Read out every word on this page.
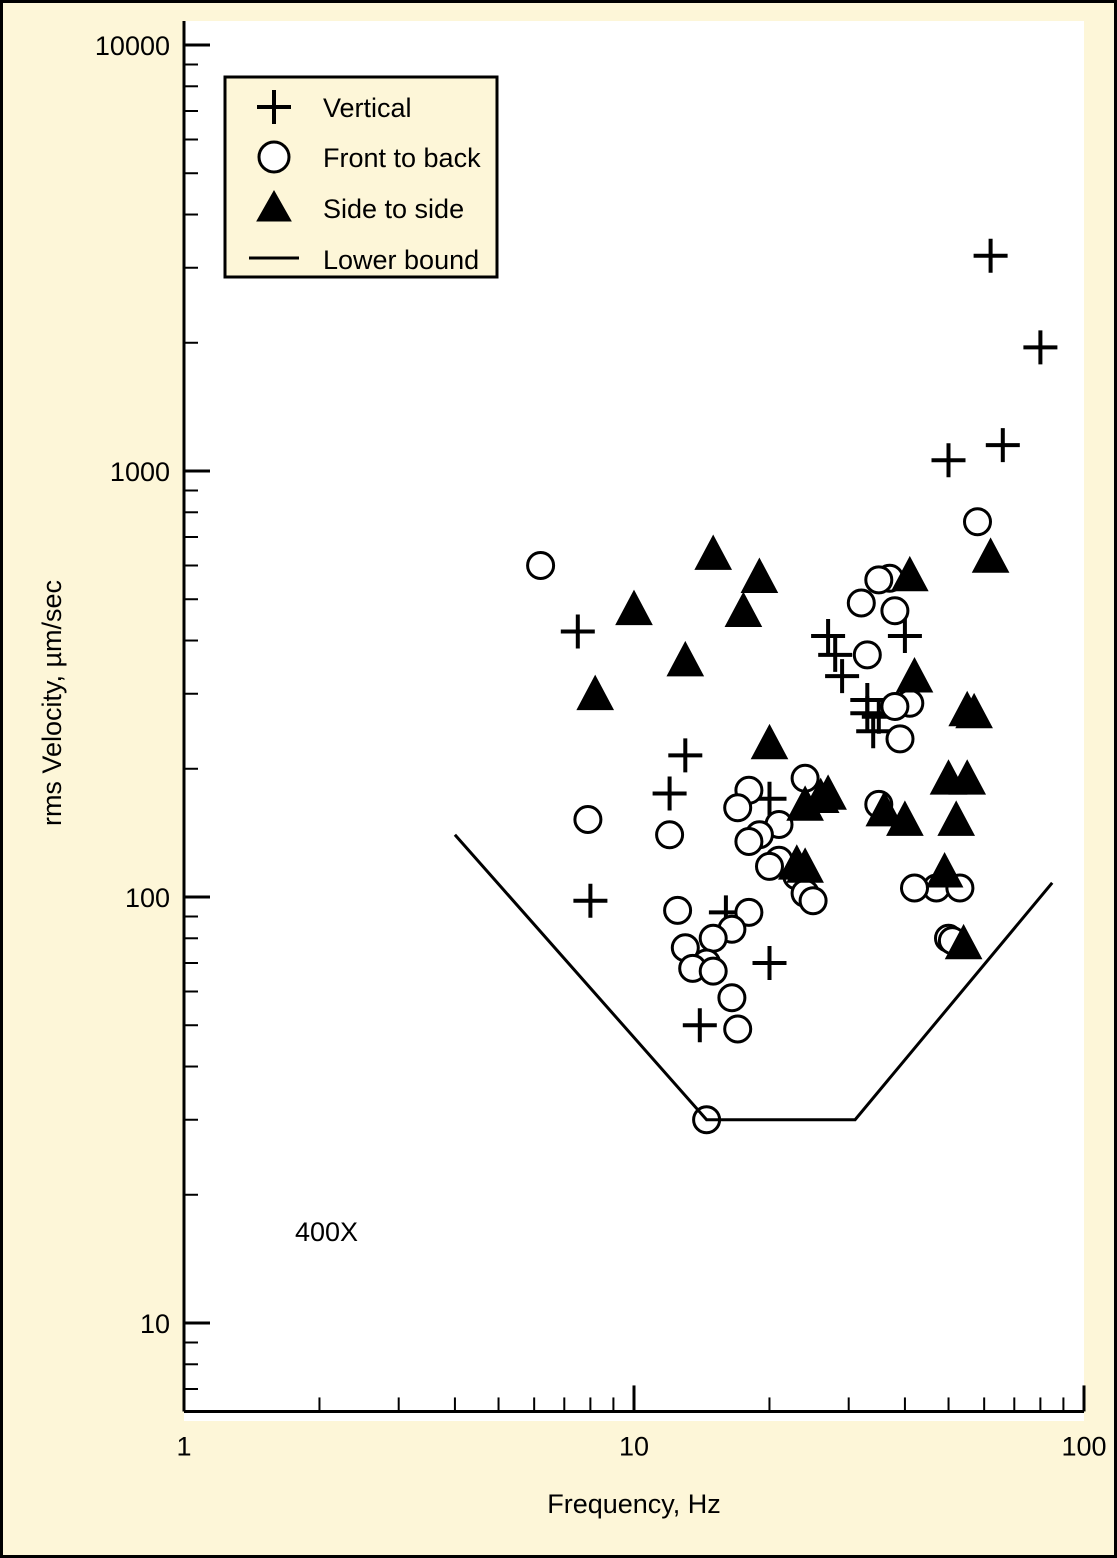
10
100
1000
10000
1	10	100
Frequency, Hz
rms Velocity, µm/sec
400X
Vertical
Front to back
Side to side
Lower bound
